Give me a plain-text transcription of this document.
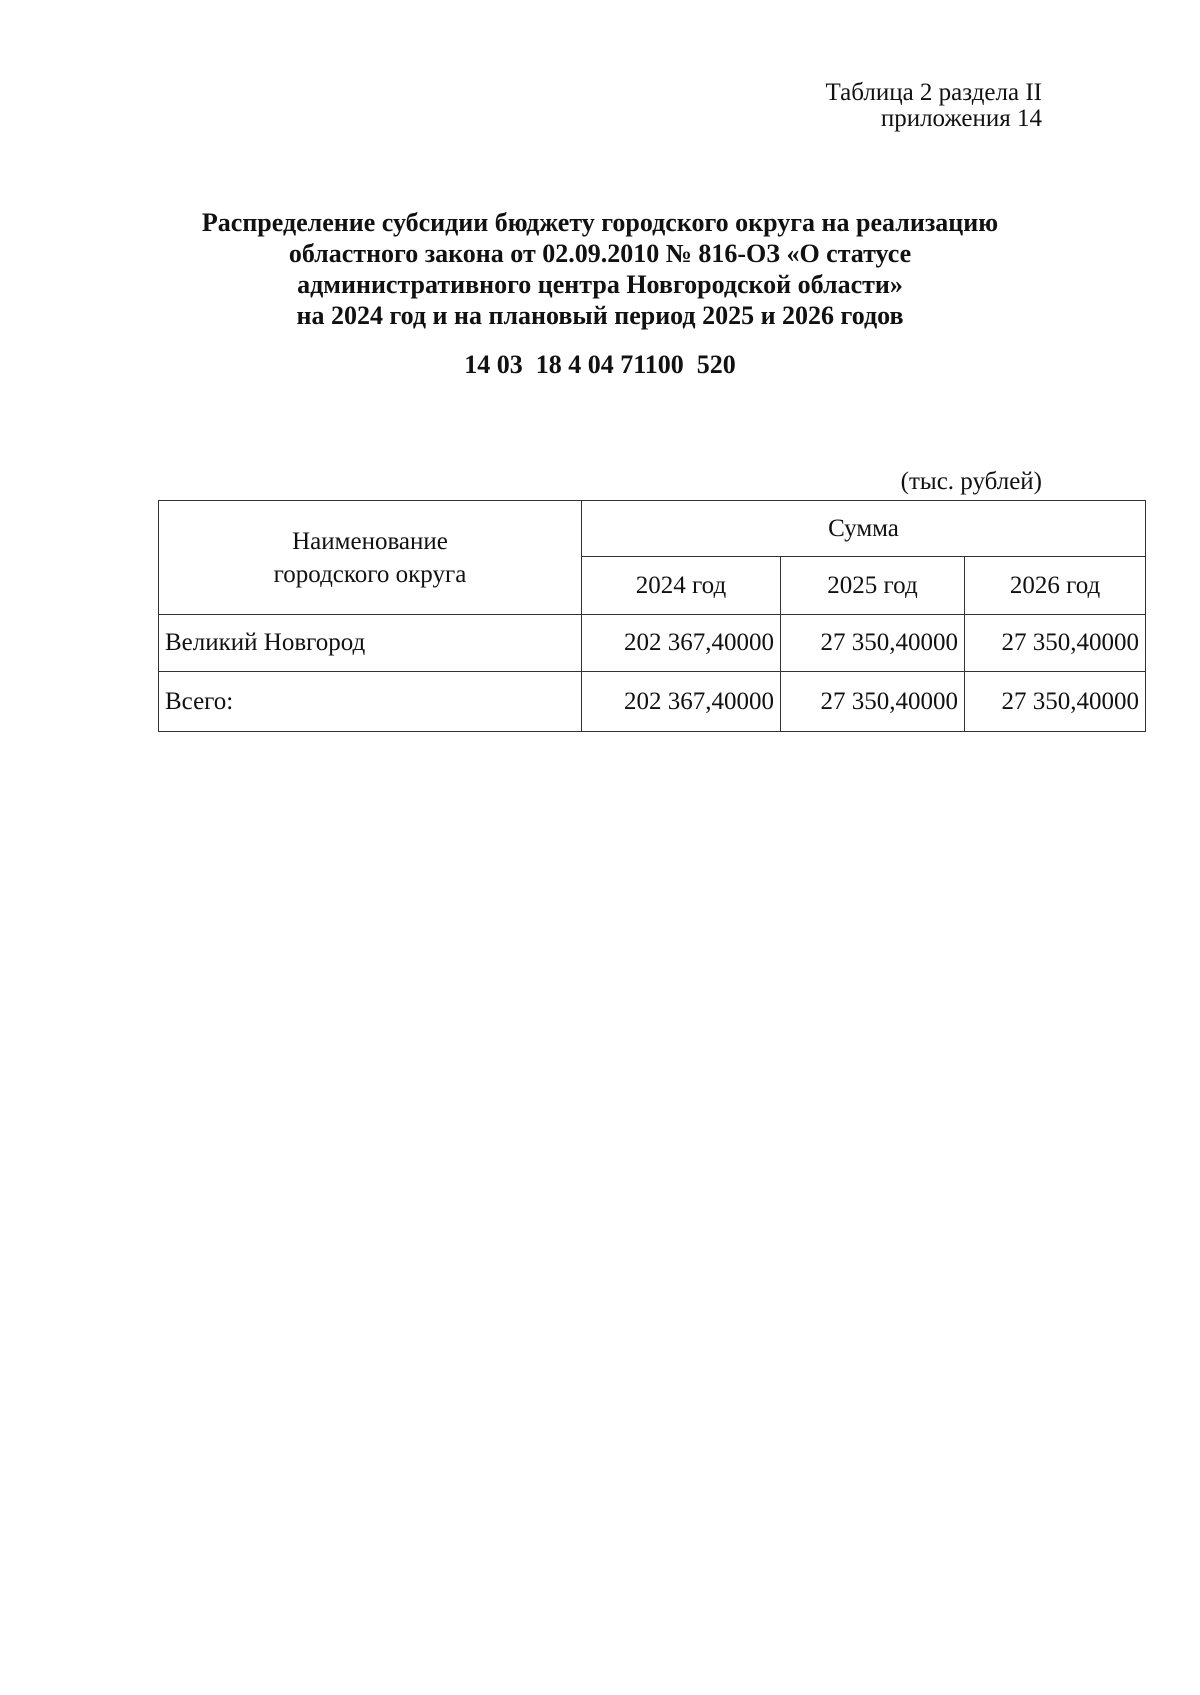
Таблица 2 раздела II
приложения 14
Распределение субсидии бюджету городского округа на реализацию
областного закона от 02.09.2010 № 816-ОЗ «О статусе
административного центра Новгородской области»
на 2024 год и на плановый период 2025 и 2026 годов
14 03  18 4 04 71100  520
(тыс. рублей)
Наименование
городского округа	Сумма		
	2024 год	2025 год	2026 год
Великий Новгород	202 367,40000	27 350,40000	27 350,40000
Всего:	202 367,40000	27 350,40000	27 350,40000
